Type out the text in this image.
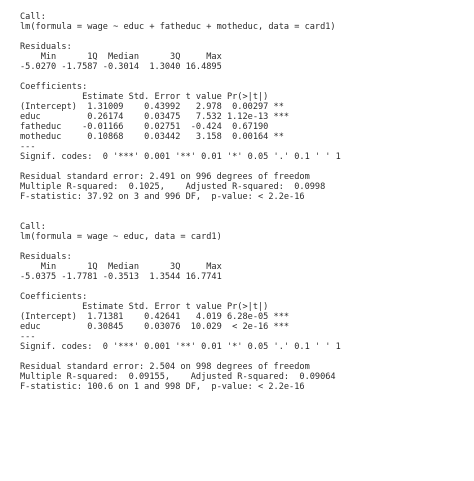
Call:
lm(formula = wage ~ educ + fatheduc + motheduc, data = card1)
Residuals:
Min      1Q  Median      3Q     Max
-5.0270 -1.7587 -0.3014  1.3040 16.4895
Coefficients:
Estimate Std. Error t value Pr(>|t|)
(Intercept)  1.31009    0.43992   2.978  0.00297 **
educ         0.26174    0.03475   7.532 1.12e-13 ***
fatheduc    -0.01166    0.02751  -0.424  0.67190
motheduc     0.10868    0.03442   3.158  0.00164 **
---
Signif. codes:  0 '***' 0.001 '**' 0.01 '*' 0.05 '.' 0.1 ' ' 1
Residual standard error: 2.491 on 996 degrees of freedom
Multiple R-squared:  0.1025,    Adjusted R-squared:  0.0998
F-statistic: 37.92 on 3 and 996 DF,  p-value: < 2.2e-16
Call:
lm(formula = wage ~ educ, data = card1)
Residuals:
Min      1Q  Median      3Q     Max
-5.0375 -1.7781 -0.3513  1.3544 16.7741
Coefficients:
Estimate Std. Error t value Pr(>|t|)
(Intercept)  1.71381    0.42641   4.019 6.28e-05 ***
educ         0.30845    0.03076  10.029  < 2e-16 ***
---
Signif. codes:  0 '***' 0.001 '**' 0.01 '*' 0.05 '.' 0.1 ' ' 1
Residual standard error: 2.504 on 998 degrees of freedom
Multiple R-squared:  0.09155,    Adjusted R-squared:  0.09064
F-statistic: 100.6 on 1 and 998 DF,  p-value: < 2.2e-16
